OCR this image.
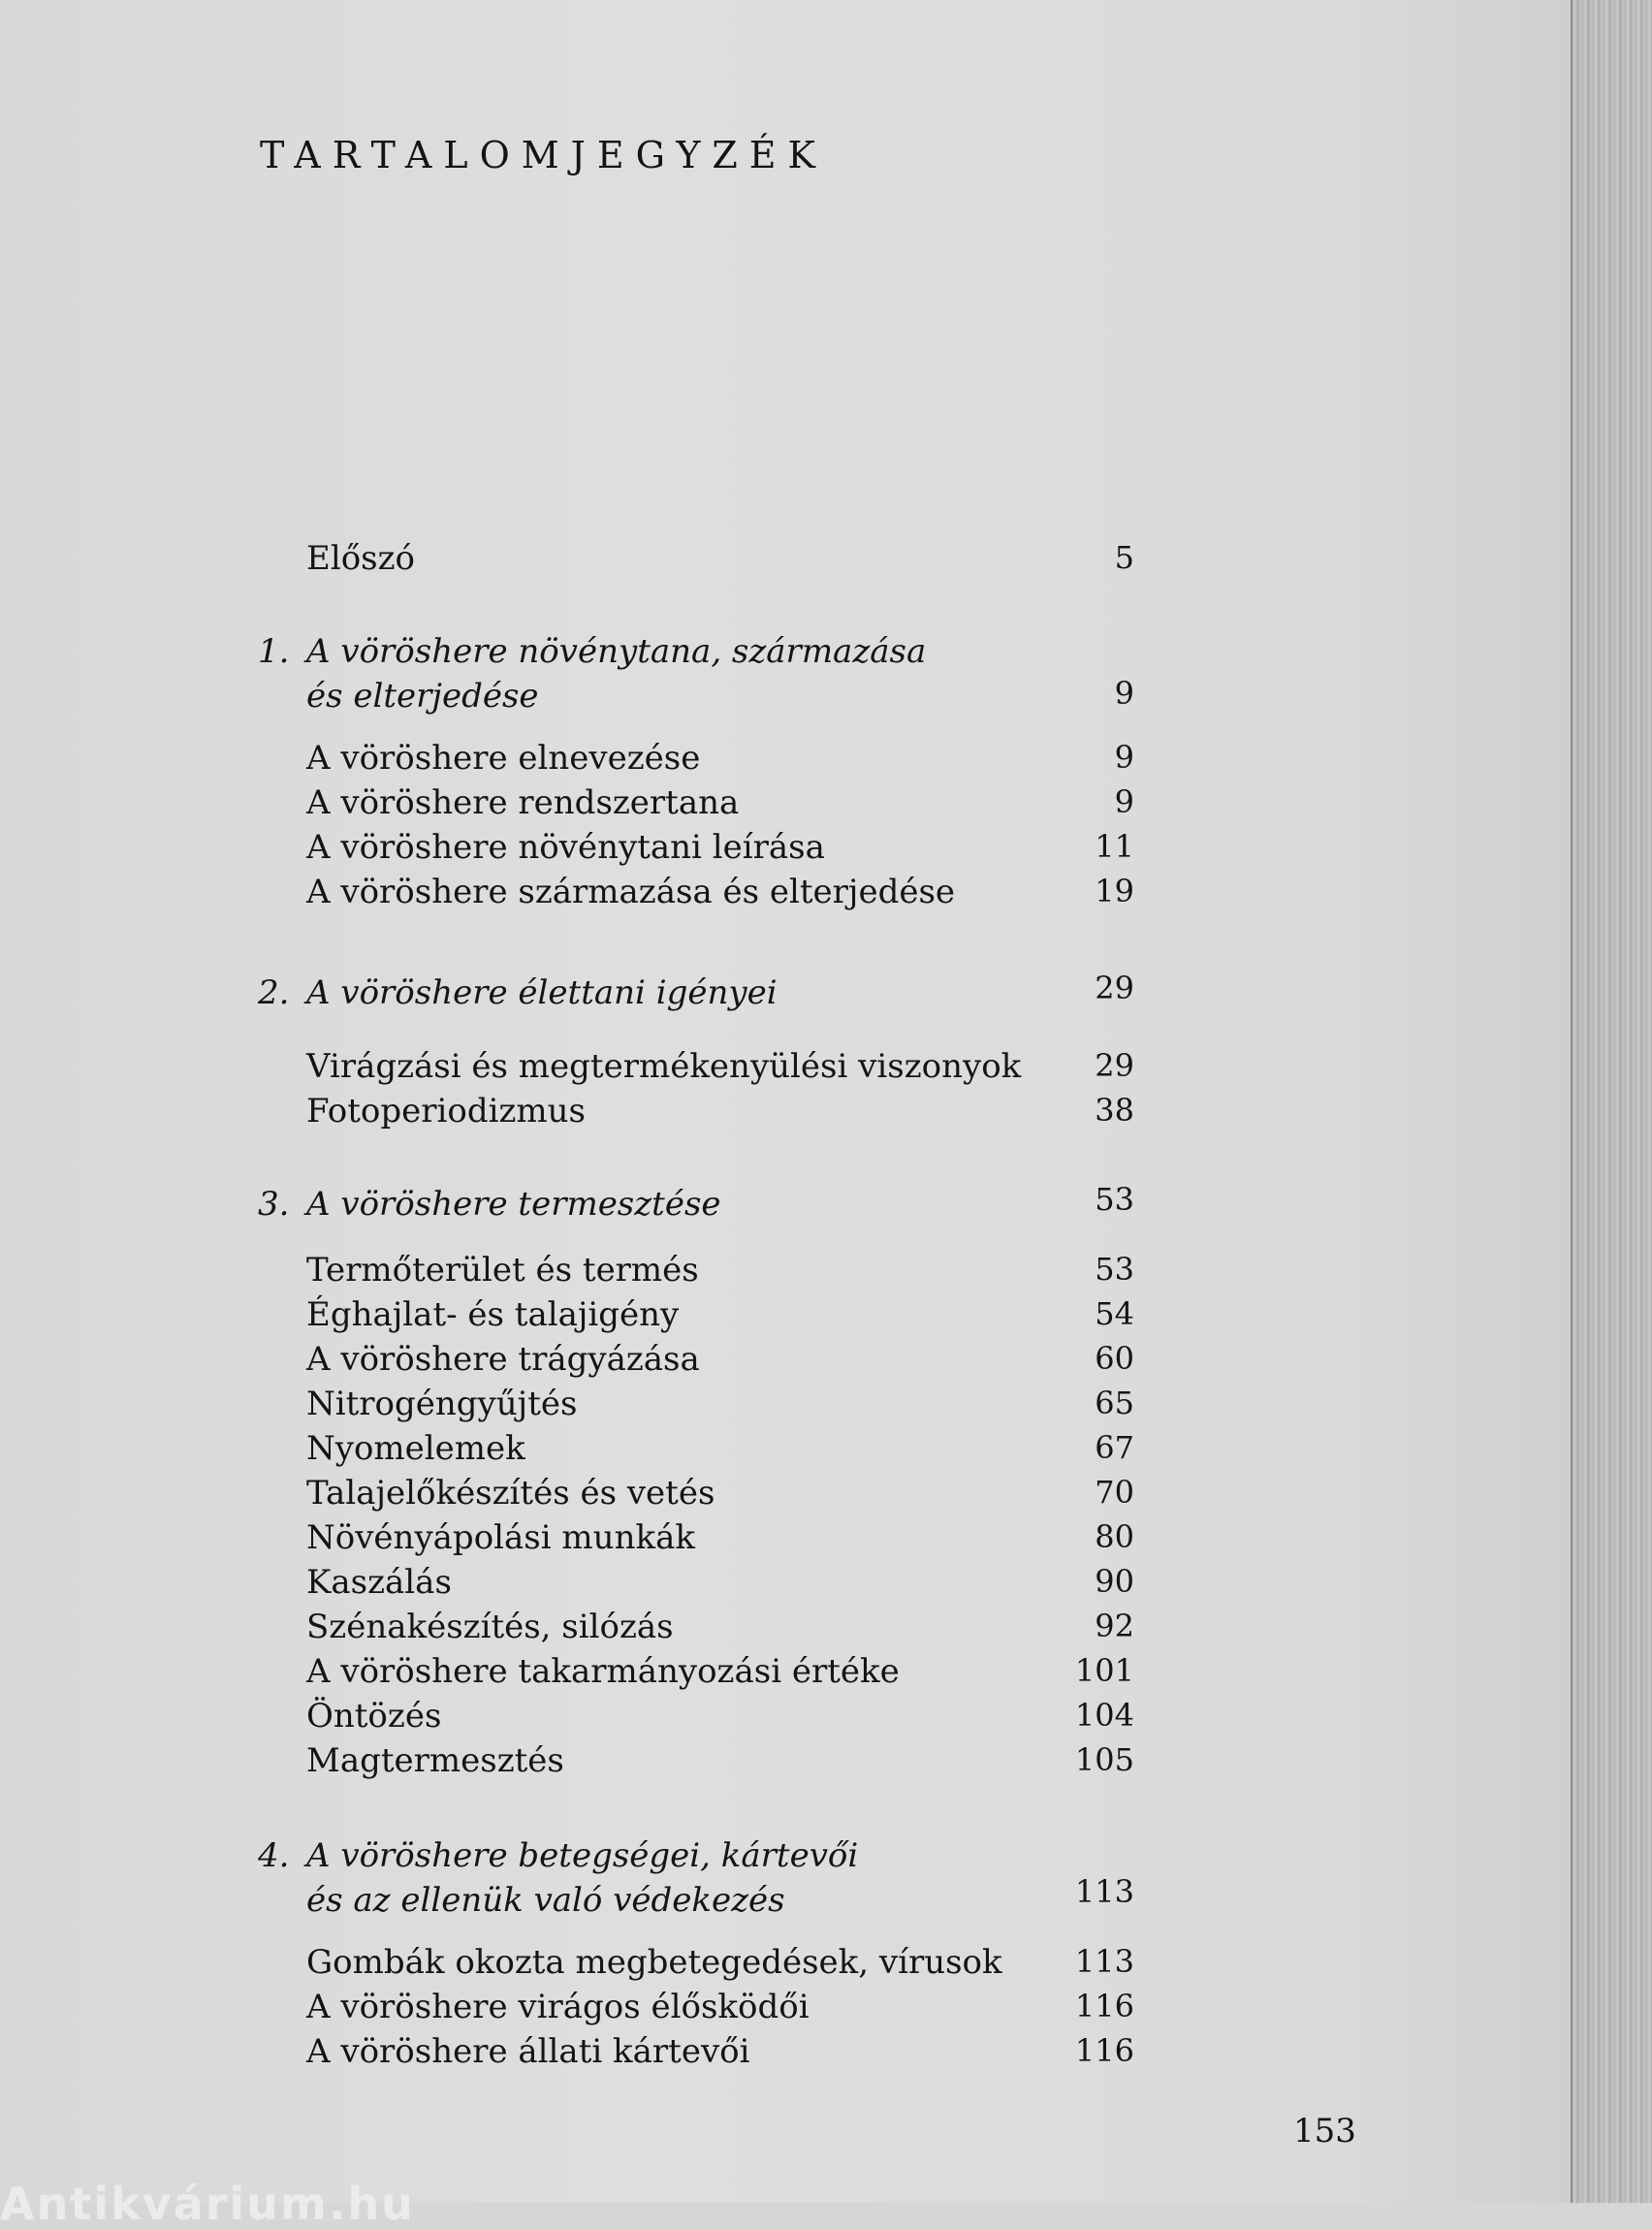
TARTALOMJEGYZÉK
Előszó	5
1. A vöröshere növénytana, származása
és elterjedése	9
A vöröshere elnevezése	9
A vöröshere rendszertana	9
A vöröshere növénytani leírása	11
A vöröshere származása és elterjedése	19
2. A vöröshere élettani igényei	29
Virágzási és megtermékenyülési viszonyok 29
Fotoperiodizmus	38
3. A vöröshere termesztése	53
Termőterület és termés	53
Éghajlat- és talajigény	54
A vöröshere trágyázása	60
Nitrogéngyűjtés	65
Nyomelemek	67
Talajelőkészítés és vetés	70
Növényápolási munkák	80
Kaszálás	90
Szénakészítés, silózás	92
A vöröshere takarmányozási értéke	101
Öntözés	104
Magtermesztés	105
4. A vöröshere betegségei, kártevői
és az ellenük való védekezés	113
Gombák okozta megbetegedések, vírusok 113
A vöröshere virágos élősködői	116
A vöröshere állati kártevői	116
153
Antikvárium.hu
